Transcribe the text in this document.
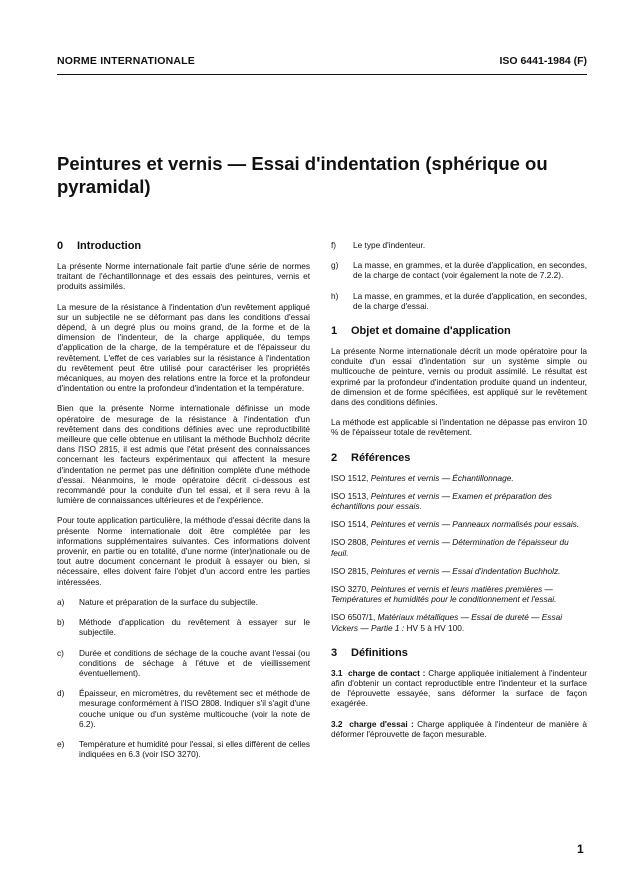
NORME INTERNATIONALE	ISO 6441-1984 (F)
Peintures et vernis — Essai d'indentation (sphérique ou pyramidal)
0 Introduction

La présente Norme internationale fait partie d'une série de normes traitant de l'échantillonnage et des essais des peintures, vernis et produits assimilés.

La mesure de la résistance à l'indentation d'un revêtement appliqué sur un subjectile ne se déformant pas dans les conditions d'essai dépend, à un degré plus ou moins grand, de la forme et de la dimension de l'indenteur, de la charge appliquée, du temps d'application de la charge, de la température et de l'épaisseur du revêtement. L'effet de ces variables sur la résistance à l'indentation du revêtement peut être utilisé pour caractériser les propriétés mécaniques, au moyen des relations entre la force et la profondeur d'indentation ou entre la profondeur d'indentation et la température.

Bien que la présente Norme internationale définisse un mode opératoire de mesurage de la résistance à l'indentation d'un revêtement dans des conditions définies avec une reproductibilité meilleure que celle obtenue en utilisant la méthode Buchholz décrite dans l'ISO 2815, il est admis que l'état présent des connaissances concernant les facteurs expérimentaux qui affectent la mesure d'indentation ne permet pas une définition complète d'une méthode d'essai. Néanmoins, le mode opératoire décrit ci-dessous est recommandé pour la conduite d'un tel essai, et il sera revu à la lumière de connaissances ultérieures et de l'expérience.

Pour toute application particulière, la méthode d'essai décrite dans la présente Norme internationale doit être complétée par les informations supplémentaires suivantes. Ces informations doivent provenir, en partie ou en totalité, d'une norme (inter)nationale ou de tout autre document concernant le produit à essayer ou bien, si nécessaire, elles doivent faire l'objet d'un accord entre les parties intéressées.

a)	Nature et préparation de la surface du subjectile.
b)	Méthode d'application du revêtement à essayer sur le subjectile.
c)	Durée et conditions de séchage de la couche avant l'essai (ou conditions de séchage à l'étuve et de vieillissement éventuellement).
d)	Épaisseur, en micromètres, du revêtement sec et méthode de mesurage conformément à l'ISO 2808. Indiquer s'il s'agit d'une couche unique ou d'un système multicouche (voir la note de 6.2).
e)	Température et humidité pour l'essai, si elles diffèrent de celles indiquées en 6.3 (voir ISO 3270).
f)	Le type d'indenteur.
g)	La masse, en grammes, et la durée d'application, en secondes, de la charge de contact (voir également la note de 7.2.2).
h)	La masse, en grammes, et la durée d'application, en secondes, de la charge d'essai.
1 Objet et domaine d'application

La présente Norme internationale décrit un mode opératoire pour la conduite d'un essai d'indentation sur un système simple ou multicouche de peinture, vernis ou produit assimilé. Le résultat est exprimé par la profondeur d'indentation produite quand un indenteur, de dimension et de forme spécifiées, est appliqué sur le revêtement dans des conditions définies.

La méthode est applicable si l'indentation ne dépasse pas environ 10 % de l'épaisseur totale de revêtement.

2 Références
ISO 1512, Peintures et vernis — Échantillonnage.
ISO 1513, Peintures et vernis — Examen et préparation des échantillons pour essais.
ISO 1514, Peintures et vernis — Panneaux normalisés pour essais.
ISO 2808, Peintures et vernis — Détermination de l'épaisseur du feuil.
ISO 2815, Peintures et vernis — Essai d'indentation Buchholz.
ISO 3270, Peintures et vernis et leurs matières premières — Températures et humidités pour le conditionnement et l'essai.
ISO 6507/1, Matériaux métalliques — Essai de dureté — Essai Vickers — Partie 1 : HV 5 à HV 100.
3 Définitions

3.1 charge de contact : Charge appliquée initialement à l'indenteur afin d'obtenir un contact reproductible entre l'indenteur et la surface de l'éprouvette essayée, sans déformer la surface de façon exagérée.

3.2 charge d'essai : Charge appliquée à l'indenteur de manière à déformer l'éprouvette de façon mesurable.

1
